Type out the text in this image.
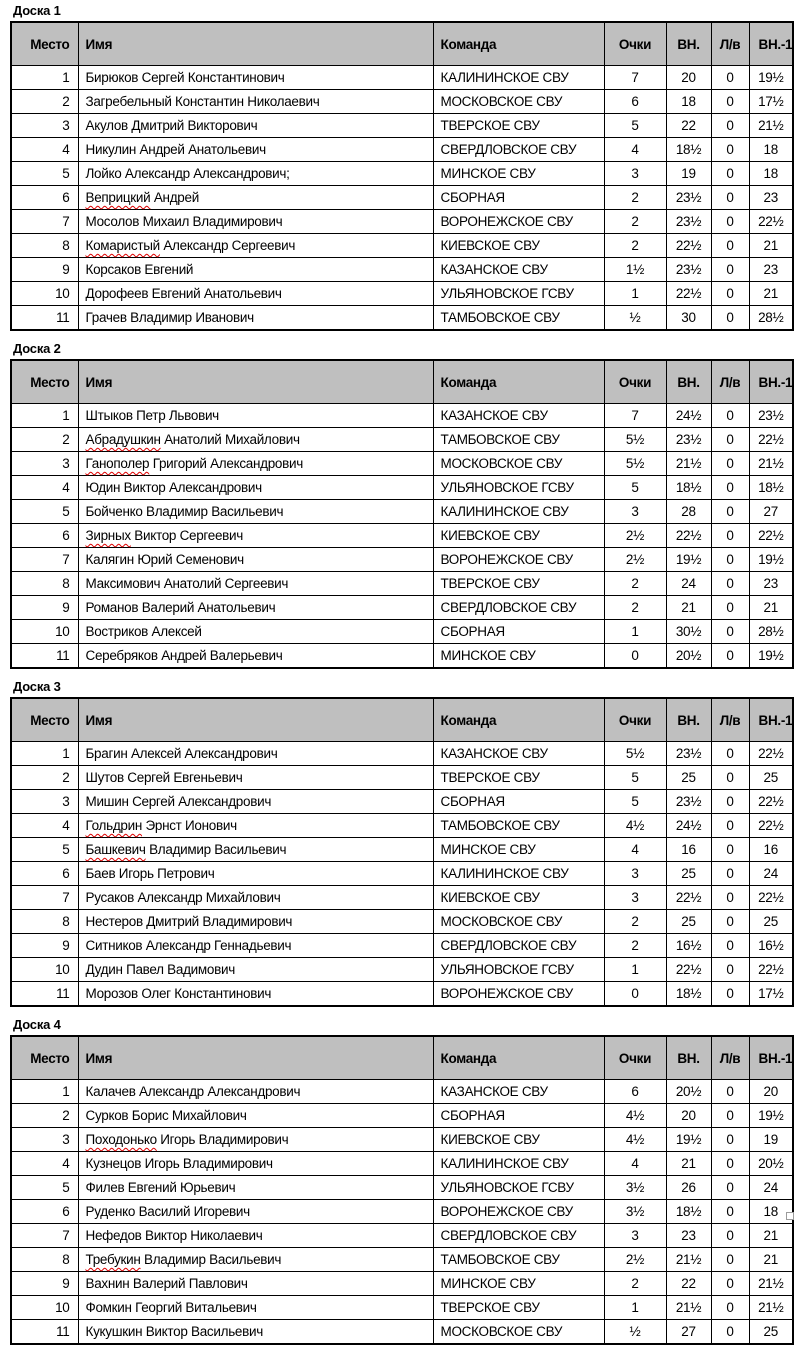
Доска 1
Место	Имя	Команда	Очки	ВН.	Л/в	ВН.-1
1	Бирюков Сергей Константинович	КАЛИНИНСКОЕ СВУ	7	20	0	19½
2	Загребельный Константин Николаевич	МОСКОВСКОЕ СВУ	6	18	0	17½
3	Акулов Дмитрий Викторович	ТВЕРСКОЕ СВУ	5	22	0	21½
4	Никулин Андрей Анатольевич	СВЕРДЛОВСКОЕ СВУ	4	18½	0	18
5	Лойко Александр Александрович;	МИНСКОЕ СВУ	3	19	0	18
6	Веприцкий Андрей	СБОРНАЯ	2	23½	0	23
7	Мосолов Михаил Владимирович	ВОРОНЕЖСКОЕ СВУ	2	23½	0	22½
8	Комаристый Александр Сергеевич	КИЕВСКОЕ СВУ	2	22½	0	21
9	Корсаков Евгений	КАЗАНСКОЕ СВУ	1½	23½	0	23
10	Дорофеев Евгений Анатольевич	УЛЬЯНОВСКОЕ ГСВУ	1	22½	0	21
11	Грачев Владимир Иванович	ТАМБОВСКОЕ СВУ	½	30	0	28½
Доска 2
Место	Имя	Команда	Очки	ВН.	Л/в	ВН.-1
1	Штыков Петр Львович	КАЗАНСКОЕ СВУ	7	24½	0	23½
2	Абрадушкин Анатолий Михайлович	ТАМБОВСКОЕ СВУ	5½	23½	0	22½
3	Ганополер Григорий Александрович	МОСКОВСКОЕ СВУ	5½	21½	0	21½
4	Юдин Виктор Александрович	УЛЬЯНОВСКОЕ ГСВУ	5	18½	0	18½
5	Бойченко Владимир Васильевич	КАЛИНИНСКОЕ СВУ	3	28	0	27
6	Зирных Виктор Сергеевич	КИЕВСКОЕ СВУ	2½	22½	0	22½
7	Калягин Юрий Семенович	ВОРОНЕЖСКОЕ СВУ	2½	19½	0	19½
8	Максимович Анатолий Сергеевич	ТВЕРСКОЕ СВУ	2	24	0	23
9	Романов Валерий Анатольевич	СВЕРДЛОВСКОЕ СВУ	2	21	0	21
10	Востриков Алексей	СБОРНАЯ	1	30½	0	28½
11	Серебряков Андрей Валерьевич	МИНСКОЕ СВУ	0	20½	0	19½
Доска 3
Место	Имя	Команда	Очки	ВН.	Л/в	ВН.-1
1	Брагин Алексей Александрович	КАЗАНСКОЕ СВУ	5½	23½	0	22½
2	Шутов Сергей Евгеньевич	ТВЕРСКОЕ СВУ	5	25	0	25
3	Мишин Сергей Александрович	СБОРНАЯ	5	23½	0	22½
4	Гольдрин Эрнст Ионович	ТАМБОВСКОЕ СВУ	4½	24½	0	22½
5	Башкевич Владимир Васильевич	МИНСКОЕ СВУ	4	16	0	16
6	Баев Игорь Петрович	КАЛИНИНСКОЕ СВУ	3	25	0	24
7	Русаков Александр Михайлович	КИЕВСКОЕ СВУ	3	22½	0	22½
8	Нестеров Дмитрий Владимирович	МОСКОВСКОЕ СВУ	2	25	0	25
9	Ситников Александр Геннадьевич	СВЕРДЛОВСКОЕ СВУ	2	16½	0	16½
10	Дудин Павел Вадимович	УЛЬЯНОВСКОЕ ГСВУ	1	22½	0	22½
11	Морозов Олег Константинович	ВОРОНЕЖСКОЕ СВУ	0	18½	0	17½
Доска 4
Место	Имя	Команда	Очки	ВН.	Л/в	ВН.-1
1	Калачев Александр Александрович	КАЗАНСКОЕ СВУ	6	20½	0	20
2	Сурков Борис Михайлович	СБОРНАЯ	4½	20	0	19½
3	Походонько Игорь Владимирович	КИЕВСКОЕ СВУ	4½	19½	0	19
4	Кузнецов Игорь Владимирович	КАЛИНИНСКОЕ СВУ	4	21	0	20½
5	Филев Евгений Юрьевич	УЛЬЯНОВСКОЕ ГСВУ	3½	26	0	24
6	Руденко Василий Игоревич	ВОРОНЕЖСКОЕ СВУ	3½	18½	0	18
7	Нефедов Виктор Николаевич	СВЕРДЛОВСКОЕ СВУ	3	23	0	21
8	Требукин Владимир Васильевич	ТАМБОВСКОЕ СВУ	2½	21½	0	21
9	Вахнин Валерий Павлович	МИНСКОЕ СВУ	2	22	0	21½
10	Фомкин Георгий Витальевич	ТВЕРСКОЕ СВУ	1	21½	0	21½
11	Кукушкин Виктор Васильевич	МОСКОВСКОЕ СВУ	½	27	0	25
